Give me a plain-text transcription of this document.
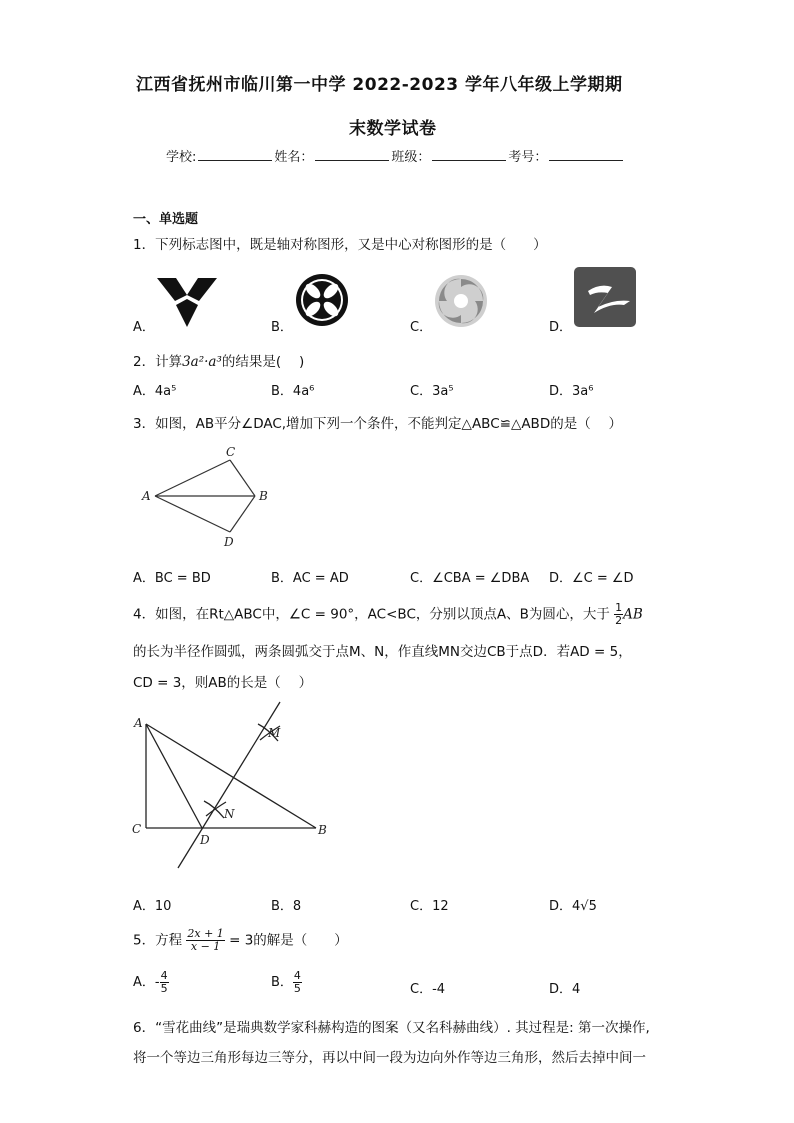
江西省抚州市临川第一中学 2022-2023 学年八年级上学期期
末数学试卷
学校:	姓名：	班级：	考号：
一、单选题
1．下列标志图中，既是轴对称图形，又是中心对称图形的是（　　）
A．	B．	C．	D．
2．计算3a²·a³的结果是(　 )
A．4a⁵	B．4a⁶	C．3a⁵	D．3a⁶
3．如图，AB平分∠DAC,增加下列一个条件，不能判定△ABC≌△ABD的是（　 ）
A	B
C
D
A．BC = BD	B．AC = AD	C．∠CBA = ∠DBA D．∠C = ∠D
4．如图，在Rt△ABC中，∠C = 90°，AC<BC，分别以顶点A、B为圆心，大于 $\frac{1}{2}$ AB
的长为半径作圆弧，两条圆弧交于点M、N，作直线MN交边CB于点D．若AD = 5，
CD = 3，则AB的长是（　 ）
A
M
N
C
D
B
A．10	B．8	C．12	D．4√5
5．方程 $\frac{2x + 1}{x - 1} = 3$的解是（　　）
A．- $\frac{4}{5}$	B． $\frac{4}{5}$	C．-4	D．4
6．“雪花曲线”是瑞典数学家科赫构造的图案（又名科赫曲线）. 其过程是: 第一次操作,
将一个等边三角形每边三等分，再以中间一段为边向外作等边三角形，然后去掉中间一
